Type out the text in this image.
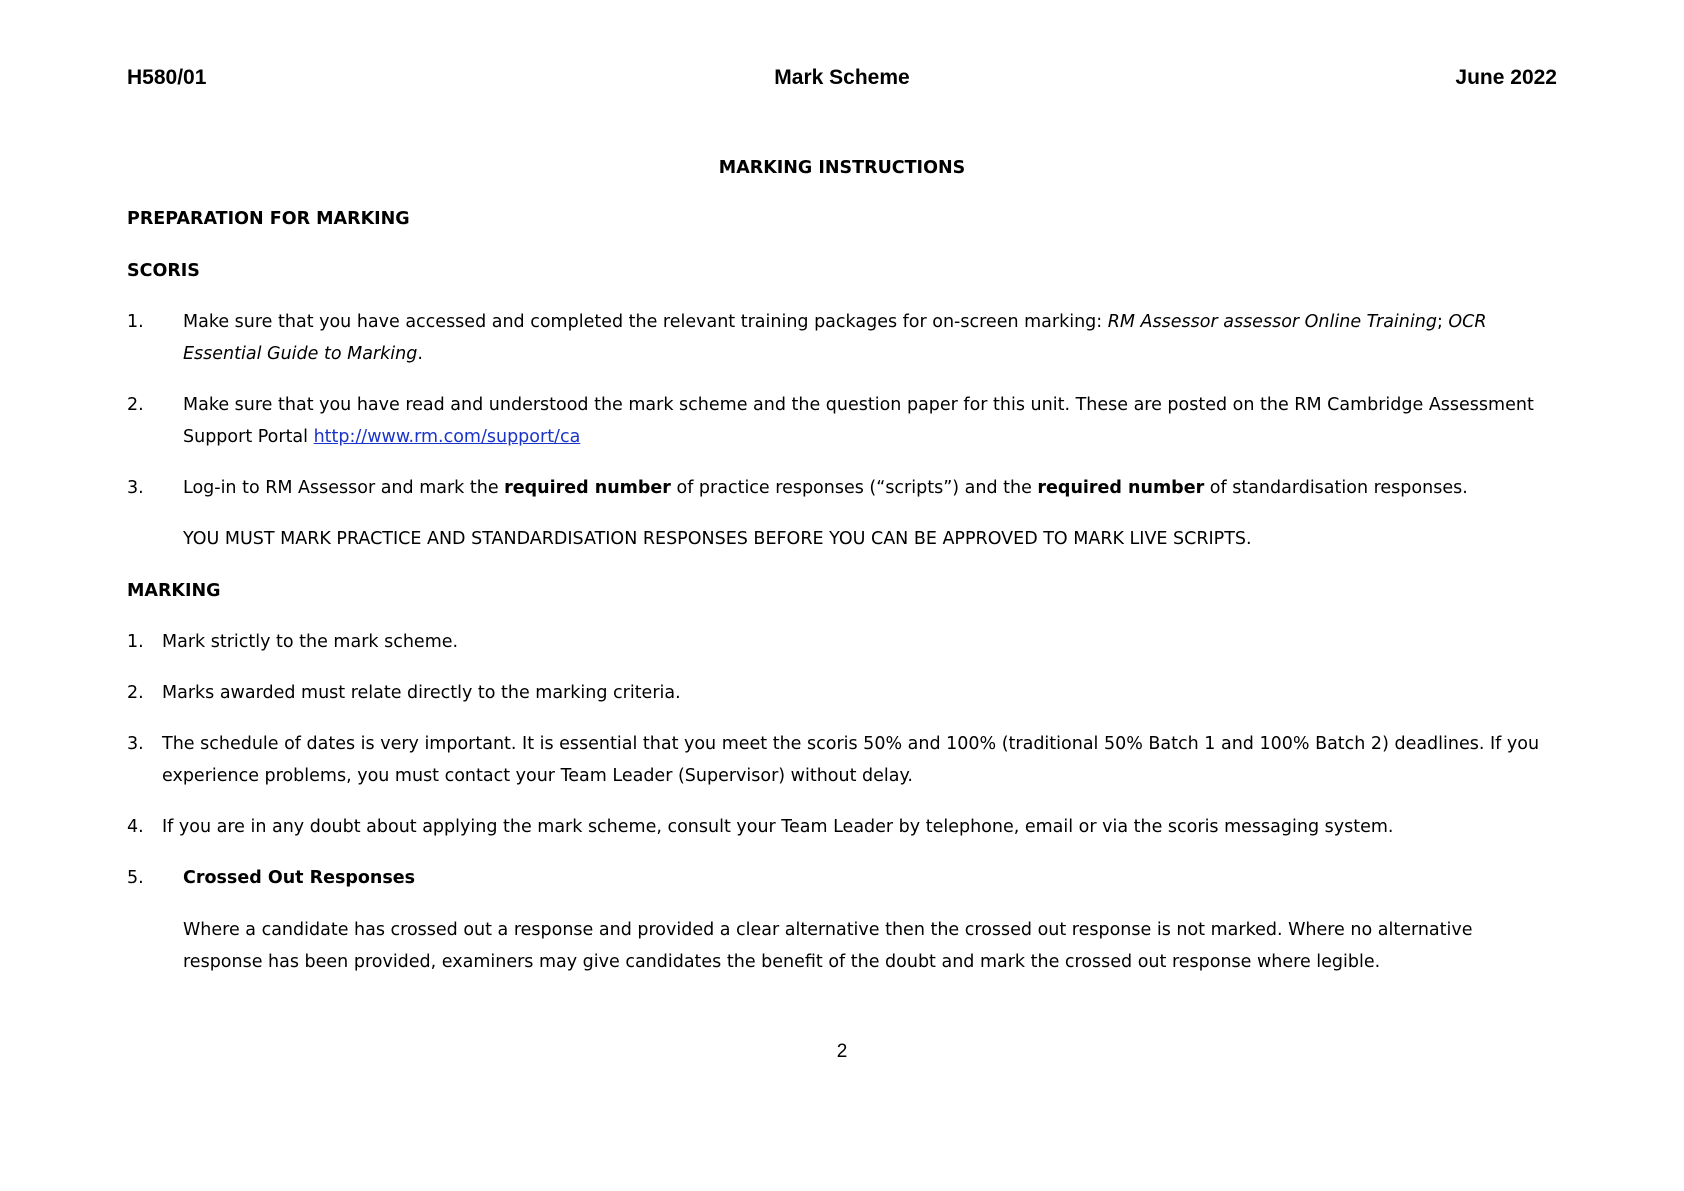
H580/01	Mark Scheme	June 2022
MARKING INSTRUCTIONS
PREPARATION FOR MARKING
SCORIS
1. Make sure that you have accessed and completed the relevant training packages for on-screen marking: RM Assessor assessor Online Training; OCR
Essential Guide to Marking.
2. Make sure that you have read and understood the mark scheme and the question paper for this unit. These are posted on the RM Cambridge Assessment
Support Portal http://www.rm.com/support/ca
3. Log-in to RM Assessor and mark the required number of practice responses (“scripts”) and the required number of standardisation responses.
YOU MUST MARK PRACTICE AND STANDARDISATION RESPONSES BEFORE YOU CAN BE APPROVED TO MARK LIVE SCRIPTS.
MARKING
1. Mark strictly to the mark scheme.
2. Marks awarded must relate directly to the marking criteria.
3. The schedule of dates is very important. It is essential that you meet the scoris 50% and 100% (traditional 50% Batch 1 and 100% Batch 2) deadlines. If you
experience problems, you must contact your Team Leader (Supervisor) without delay.
4. If you are in any doubt about applying the mark scheme, consult your Team Leader by telephone, email or via the scoris messaging system.
5. Crossed Out Responses
Where a candidate has crossed out a response and provided a clear alternative then the crossed out response is not marked. Where no alternative
response has been provided, examiners may give candidates the benefit of the doubt and mark the crossed out response where legible.
2
